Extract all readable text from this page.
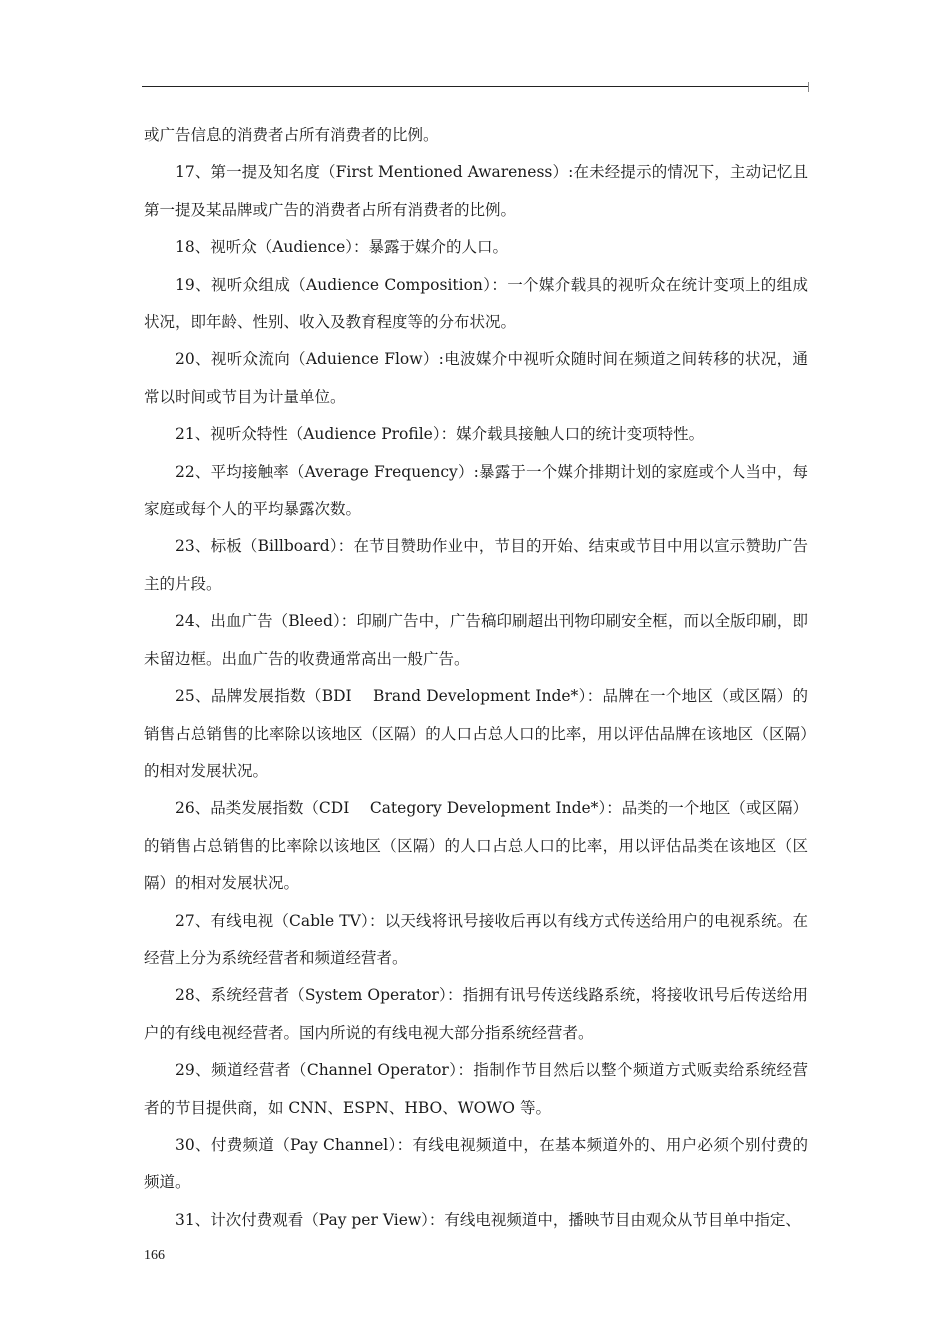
或广告信息的消费者占所有消费者的比例。

17、第一提及知名度（First Mentioned Awareness）:在未经提示的情况下，主动记忆且第一提及某品牌或广告的消费者占所有消费者的比例。

18、视听众（Audience）：暴露于媒介的人口。

19、视听众组成（Audience Composition）：一个媒介载具的视听众在统计变项上的组成状况，即年龄、性别、收入及教育程度等的分布状况。

20、视听众流向（Aduience Flow）:电波媒介中视听众随时间在频道之间转移的状况，通常以时间或节目为计量单位。

21、视听众特性（Audience Profile）：媒介载具接触人口的统计变项特性。

22、平均接触率（Average Frequency）:暴露于一个媒介排期计划的家庭或个人当中，每家庭或每个人的平均暴露次数。

23、标板（Billboard）：在节目赞助作业中，节目的开始、结束或节目中用以宣示赞助广告主的片段。

24、出血广告（Bleed）：印刷广告中，广告稿印刷超出刊物印刷安全框，而以全版印刷，即未留边框。出血广告的收费通常高出一般广告。

25、品牌发展指数（BDI　 Brand Development Inde*）：品牌在一个地区（或区隔）的销售占总销售的比率除以该地区（区隔）的人口占总人口的比率，用以评估品牌在该地区（区隔）的相对发展状况。

26、品类发展指数（CDI　 Category Development Inde*）：品类的一个地区（或区隔）的销售占总销售的比率除以该地区（区隔）的人口占总人口的比率，用以评估品类在该地区（区隔）的相对发展状况。

27、有线电视（Cable TV）：以天线将讯号接收后再以有线方式传送给用户的电视系统。在经营上分为系统经营者和频道经营者。

28、系统经营者（System Operator）：指拥有讯号传送线路系统，将接收讯号后传送给用户的有线电视经营者。国内所说的有线电视大部分指系统经营者。

29、频道经营者（Channel Operator）：指制作节目然后以整个频道方式贩卖给系统经营者的节目提供商，如 CNN、ESPN、HBO、WOWO 等。

30、付费频道（Pay Channel）：有线电视频道中，在基本频道外的、用户必须个别付费的频道。

31、计次付费观看（Pay per View）：有线电视频道中，播映节目由观众从节目单中指定、

166
